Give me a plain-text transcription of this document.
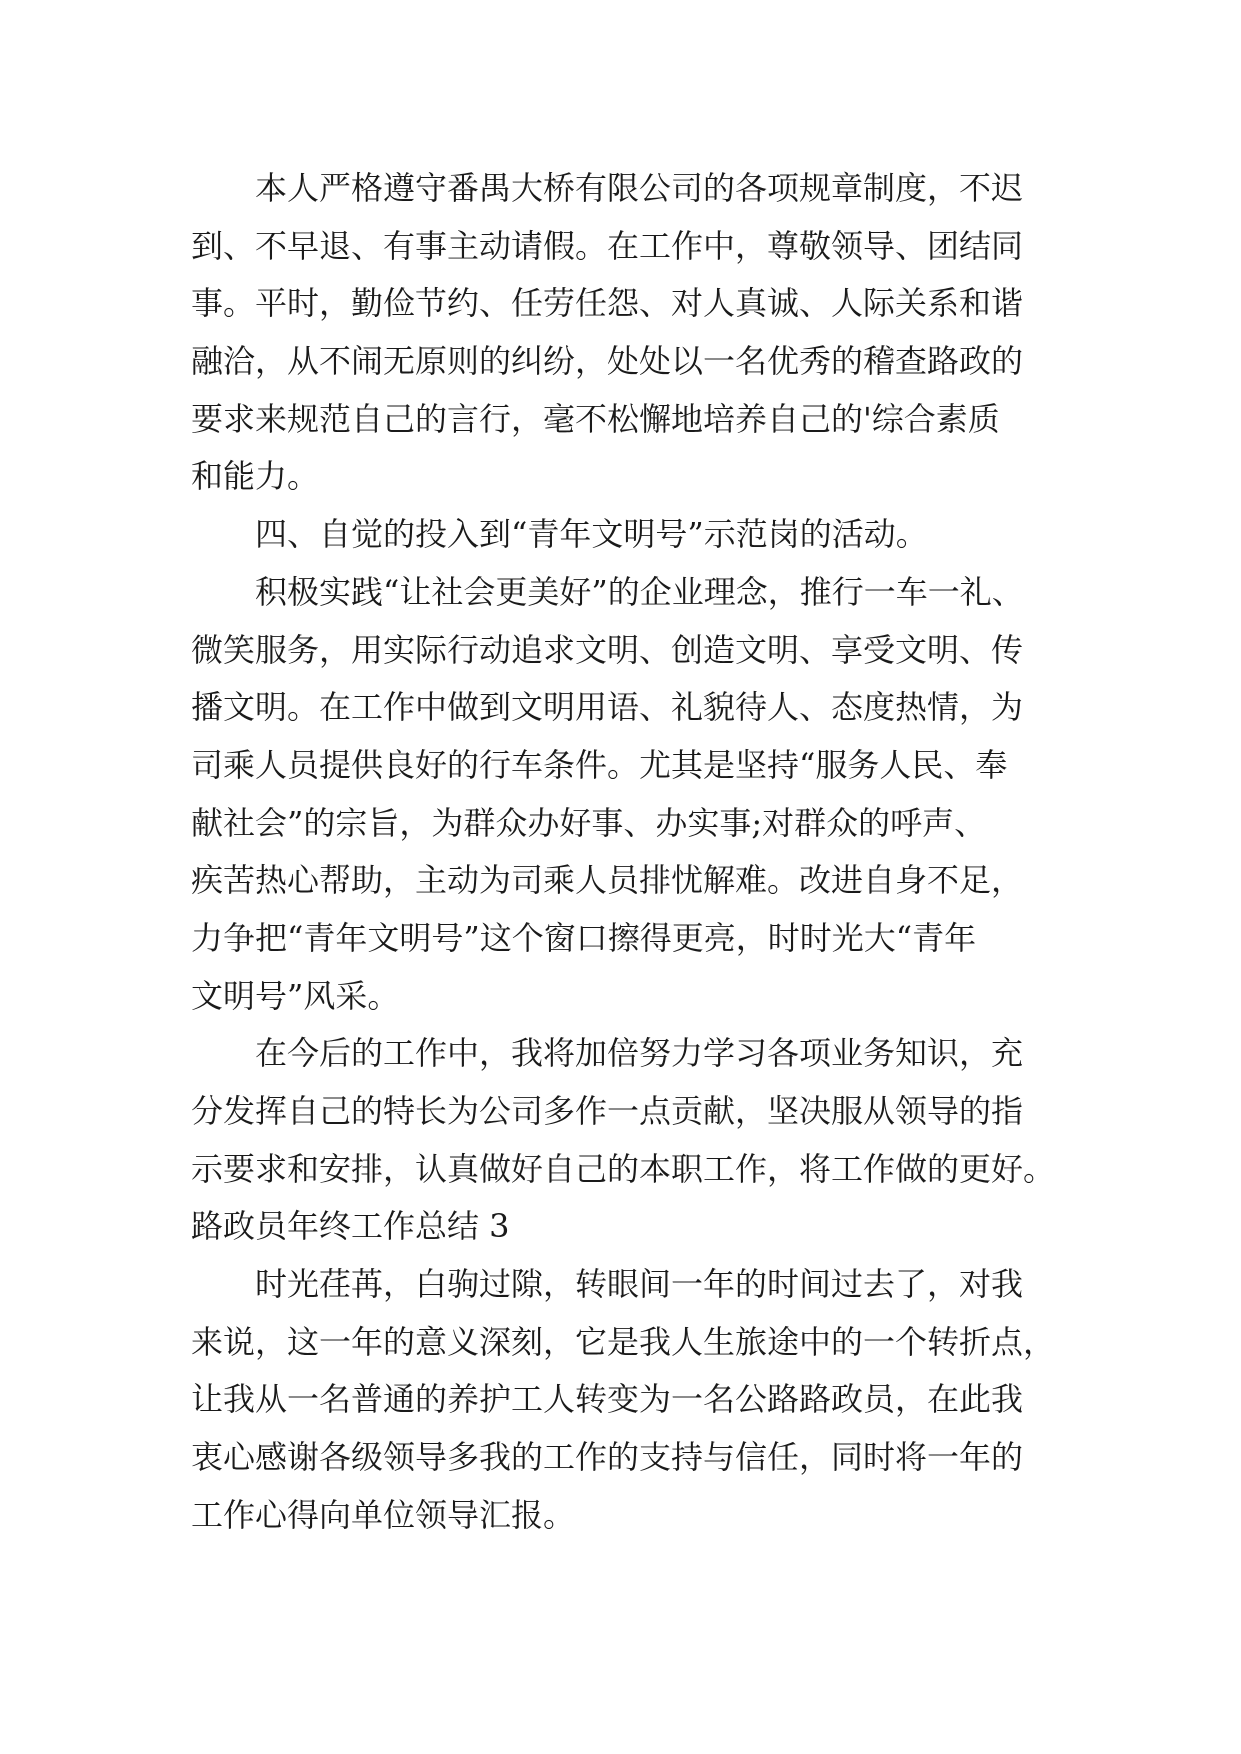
　　本人严格遵守番禺大桥有限公司的各项规章制度，不迟
到、不早退、有事主动请假。在工作中，尊敬领导、团结同
事。平时，勤俭节约、任劳任怨、对人真诚、人际关系和谐
融洽，从不闹无原则的纠纷，处处以一名优秀的稽查路政的
要求来规范自己的言行，毫不松懈地培养自己的'综合素质
和能力。
　　四、自觉的投入到“青年文明号”示范岗的活动。
　　积极实践“让社会更美好”的企业理念，推行一车一礼、
微笑服务，用实际行动追求文明、创造文明、享受文明、传
播文明。在工作中做到文明用语、礼貌待人、态度热情，为
司乘人员提供良好的行车条件。尤其是坚持“服务人民、奉
献社会”的宗旨，为群众办好事、办实事;对群众的呼声、
疾苦热心帮助，主动为司乘人员排忧解难。改进自身不足，
力争把“青年文明号”这个窗口擦得更亮，时时光大“青年
文明号”风采。
　　在今后的工作中，我将加倍努力学习各项业务知识，充
分发挥自己的特长为公司多作一点贡献，坚决服从领导的指
示要求和安排，认真做好自己的本职工作，将工作做的更好。
路政员年终工作总结 3
　　时光荏苒，白驹过隙，转眼间一年的时间过去了，对我
来说，这一年的意义深刻，它是我人生旅途中的一个转折点，
让我从一名普通的养护工人转变为一名公路路政员，在此我
衷心感谢各级领导多我的工作的支持与信任，同时将一年的
工作心得向单位领导汇报。
